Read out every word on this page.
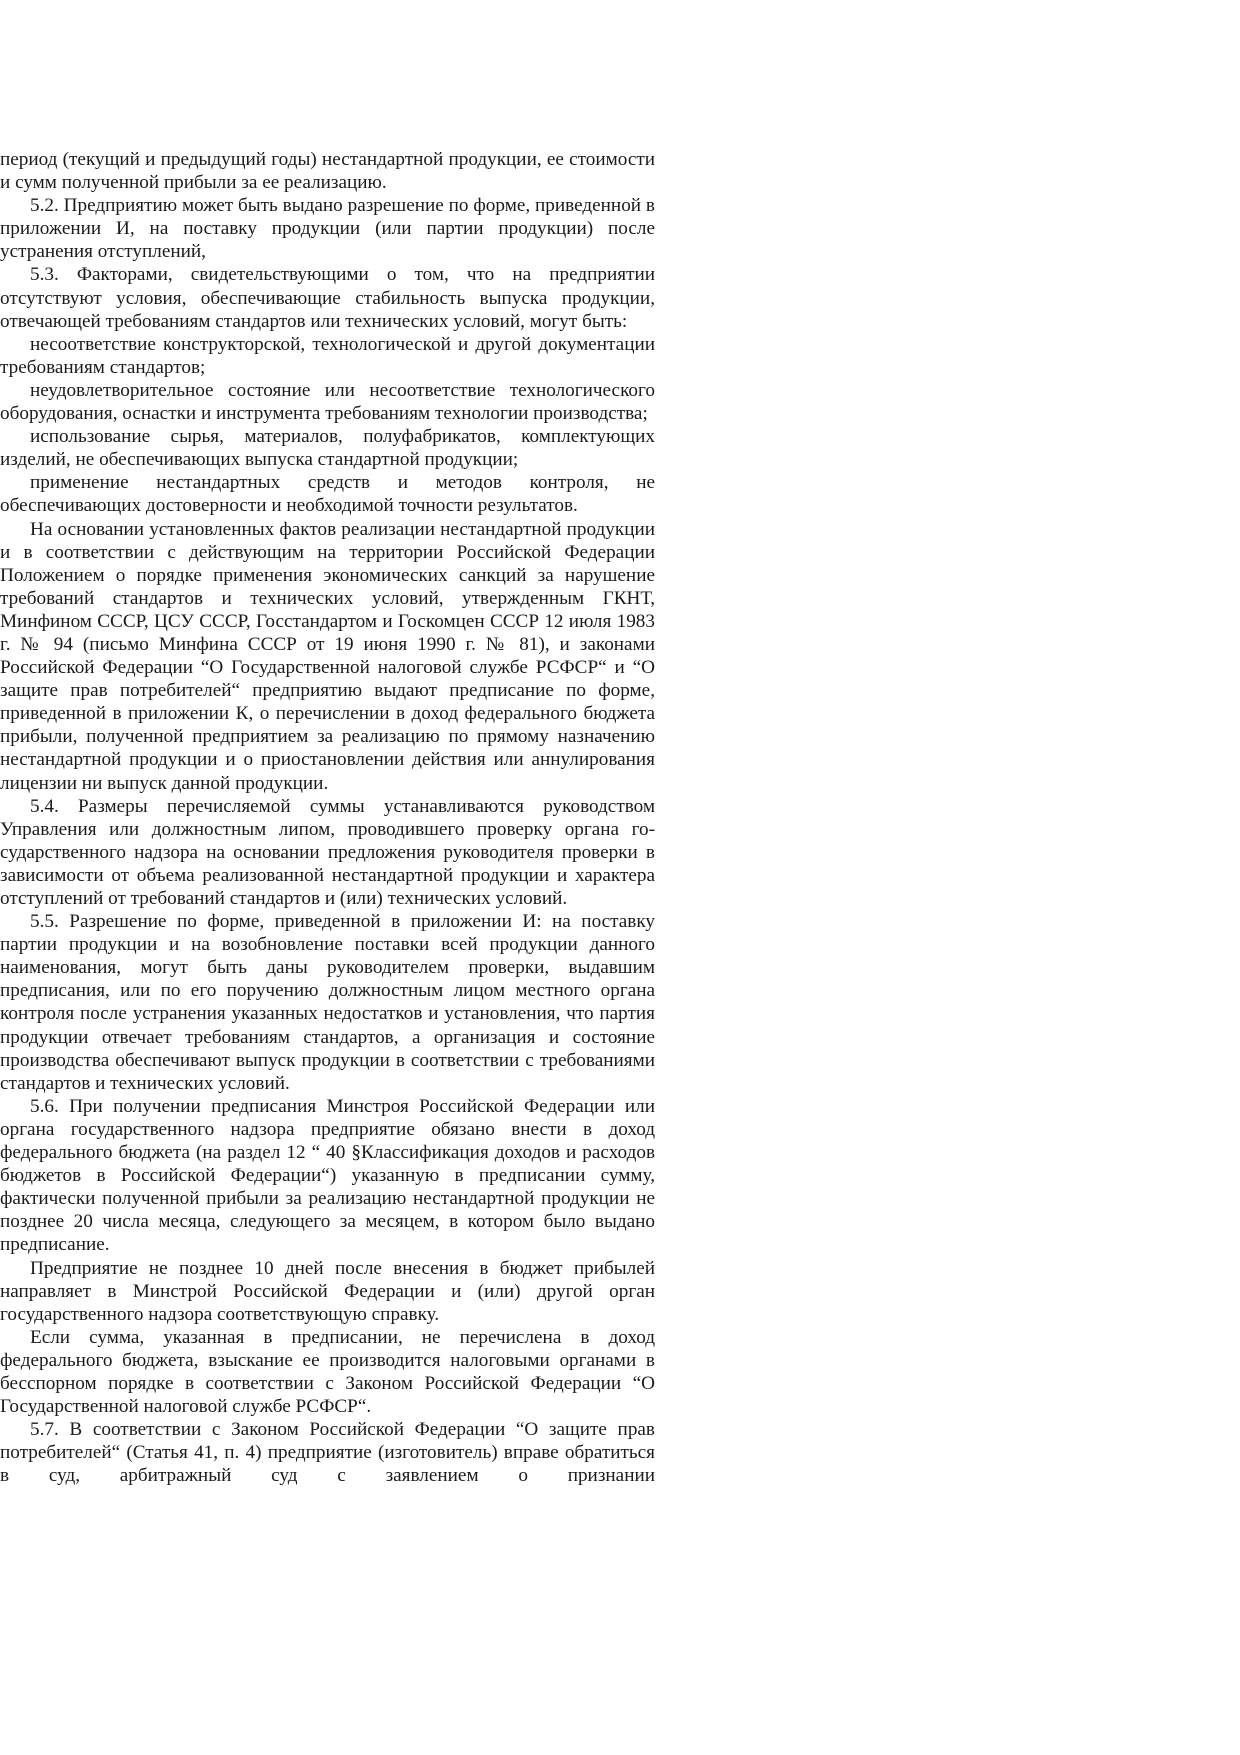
период (текущий и предыдущий годы) нестандартной продукции, ее стоимости и сумм полученной прибыли за ее реализацию.

5.2. Предприятию может быть выдано разрешение по форме, приведенной в приложении И, на поставку продукции (или партии продукции) после устранения отступлений,

5.3. Факторами, свидетельствующими о том, что на предприятии отсутствуют условия, обеспечивающие стабильность выпуска продукции, отвечающей требованиям стандартов или технических условий, могут быть:

несоответствие конструкторской, технологической и другой документации требованиям стандартов;

неудовлетворительное состояние или несоответствие технологического оборудования, оснастки и инструмента требованиям технологии производства;

использование сырья, материалов, полуфабрикатов, комплектующих изделий, не обеспечивающих выпуска стандартной продукции;

применение нестандартных средств и методов контроля, не обеспечивающих достоверности и необходимой точности результатов.

На основании установленных фактов реализации нестандартной продукции и в соответствии с действующим на территории Российской Федерации Положением о порядке применения экономических санкций за нарушение требований стандартов и технических условий, утвержденным ГКНТ, Минфином СССР, ЦСУ СССР, Госстандартом и Госкомцен СССР 12 июля 1983 г. № 94 (письмо Минфина СССР от 19 июня 1990 г. № 81), и законами Российской Федерации “О Государственной налоговой службе РСФСР“ и “О защите прав потребителей“ предприятию выдают предписание по форме, приведенной в приложении К, о перечислении в доход федерального бюджета прибыли, полученной предприятием за реализацию по прямому назначению нестандартной продукции и о приостановлении действия или аннулирования лицензии ни выпуск данной продукции.

5.4. Размеры перечисляемой суммы устанавливаются руководством Управления или должностным липом, проводившего проверку органа государственного надзора на основании предложения руководителя проверки в зависимости от объема реализованной нестандартной продукции и характера отступлений от требований стандартов и (или) технических условий.

5.5. Разрешение по форме, приведенной в приложении И: на поставку партии продукции и на возобновление поставки всей продукции данного наименования, могут быть даны руководителем проверки, выдавшим предписания, или по его поручению должностным лицом местного органа контроля после устранения указанных недостатков и установления, что партия продукции отвечает требованиям стандартов, а организация и состояние производства обеспечивают выпуск продукции в соответствии с требованиями стандартов и технических условий.

5.6. При получении предписания Минстроя Российской Федерации или органа государственного надзора предприятие обязано внести в доход федерального бюджета (на раздел 12 “ 40 §Классификация доходов и расходов бюджетов в Российской Федерации“) указанную в предписании сумму, фактически полученной прибыли за реализацию нестандартной продукции не позднее 20 числа месяца, следующего за месяцем, в котором было выдано предписание.

Предприятие не позднее 10 дней после внесения в бюджет прибылей направляет в Минстрой Российской Федерации и (или) другой орган государственного надзора соответствующую справку.

Если сумма, указанная в предписании, не перечислена в доход федерального бюджета, взыскание ее производится налоговыми органами в бесспорном порядке в соответствии с Законом Российской Федерации “О Государственной налоговой службе РСФСР“.

5.7. В соответствии с Законом Российской Федерации “О защите прав потребителей“ (Статья 41, п. 4) предприятие (изготовитель) вправе обратиться в суд, арбитражный суд с заявлением о признании
